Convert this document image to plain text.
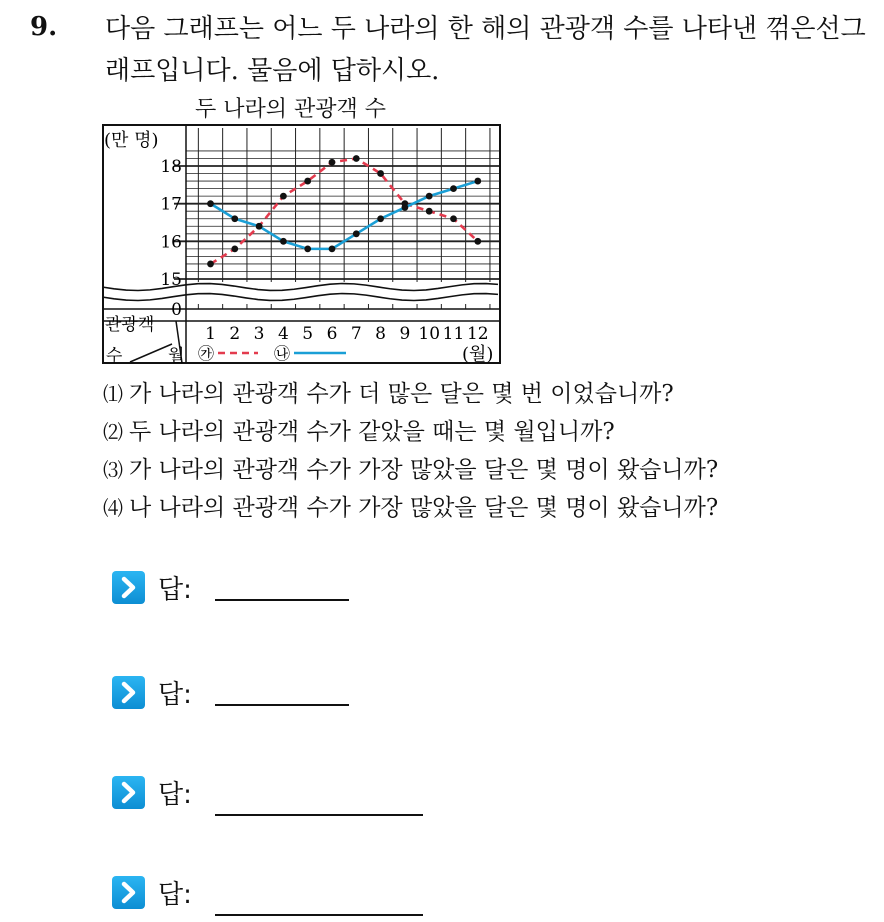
9. 다음 그래프는 어느 두 나라의 한 해의 관광객 수를 나타낸 꺾은선그
래프입니다. 물음에 답하시오.
두 나라의 관광객 수
(만 명)
18
17
16
15
0
1 2 3 4 5 6 7 8 9 10 11 12
관광객
수	월	(월)
㉮	㉯
⑴ 가 나라의 관광객 수가 더 많은 달은 몇 번 이었습니까?
⑵ 두 나라의 관광객 수가 같았을 때는 몇 월입니까?
⑶ 가 나라의 관광객 수가 가장 많았을 달은 몇 명이 왔습니까?
⑷ 나 나라의 관광객 수가 가장 많았을 달은 몇 명이 왔습니까?
답:
답:
답:
답:
